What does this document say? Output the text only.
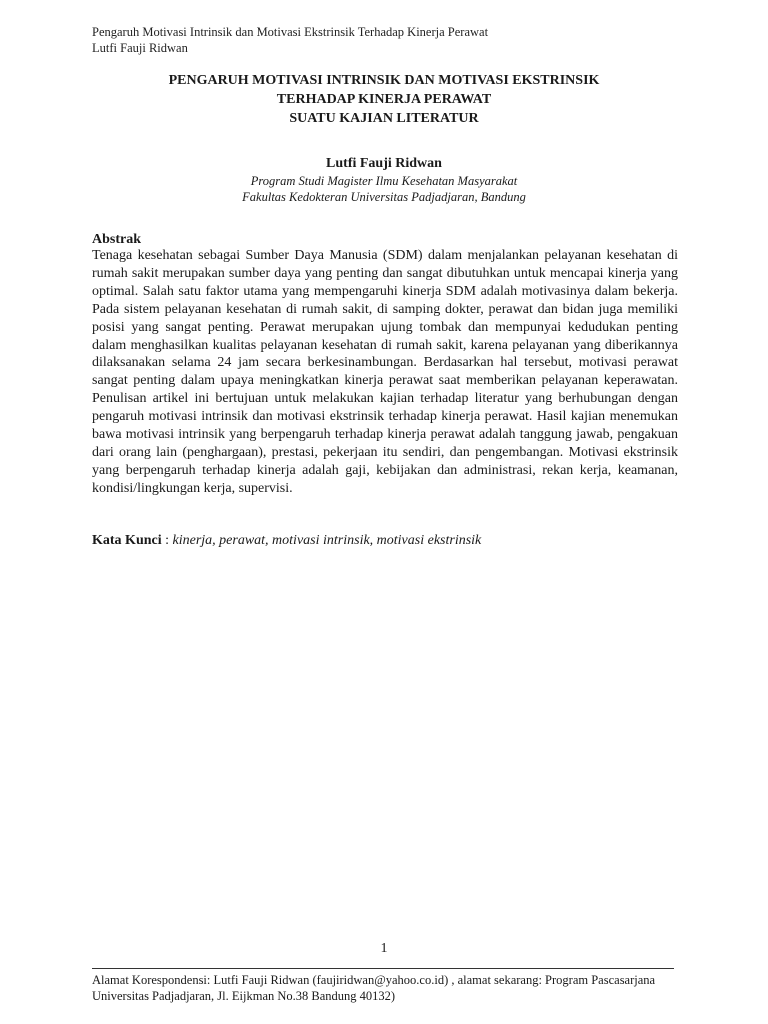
Pengaruh Motivasi Intrinsik dan Motivasi Ekstrinsik Terhadap Kinerja Perawat
Lutfi Fauji Ridwan
PENGARUH MOTIVASI INTRINSIK DAN MOTIVASI EKSTRINSIK
TERHADAP KINERJA PERAWAT
SUATU KAJIAN LITERATUR
Lutfi Fauji Ridwan
Program Studi Magister Ilmu Kesehatan Masyarakat
Fakultas Kedokteran Universitas Padjadjaran, Bandung
Abstrak
Tenaga kesehatan sebagai Sumber Daya Manusia (SDM) dalam menjalankan pelayanan kesehatan di rumah sakit merupakan sumber daya yang penting dan sangat dibutuhkan untuk mencapai kinerja yang optimal. Salah satu faktor utama yang mempengaruhi kinerja SDM adalah motivasinya dalam bekerja. Pada sistem pelayanan kesehatan di rumah sakit, di samping dokter, perawat dan bidan juga memiliki posisi yang sangat penting. Perawat merupakan ujung tombak dan mempunyai kedudukan penting dalam menghasilkan kualitas pelayanan kesehatan di rumah sakit, karena pelayanan yang diberikannya dilaksanakan selama 24 jam secara berkesinambungan. Berdasarkan hal tersebut, motivasi perawat sangat penting dalam upaya meningkatkan kinerja perawat saat memberikan pelayanan keperawatan. Penulisan artikel ini bertujuan untuk melakukan kajian terhadap literatur yang berhubungan dengan pengaruh motivasi intrinsik dan motivasi ekstrinsik terhadap kinerja perawat. Hasil kajian menemukan bawa motivasi intrinsik yang berpengaruh terhadap kinerja perawat adalah tanggung jawab, pengakuan dari orang lain (penghargaan), prestasi, pekerjaan itu sendiri, dan pengembangan. Motivasi ekstrinsik yang berpengaruh terhadap kinerja adalah gaji, kebijakan dan administrasi, rekan kerja, keamanan, kondisi/lingkungan kerja, supervisi.
Kata Kunci : kinerja, perawat, motivasi intrinsik, motivasi ekstrinsik
1
Alamat Korespondensi: Lutfi Fauji Ridwan (faujiridwan@yahoo.co.id) , alamat sekarang: Program Pascasarjana
Universitas Padjadjaran, Jl. Eijkman No.38 Bandung 40132)
